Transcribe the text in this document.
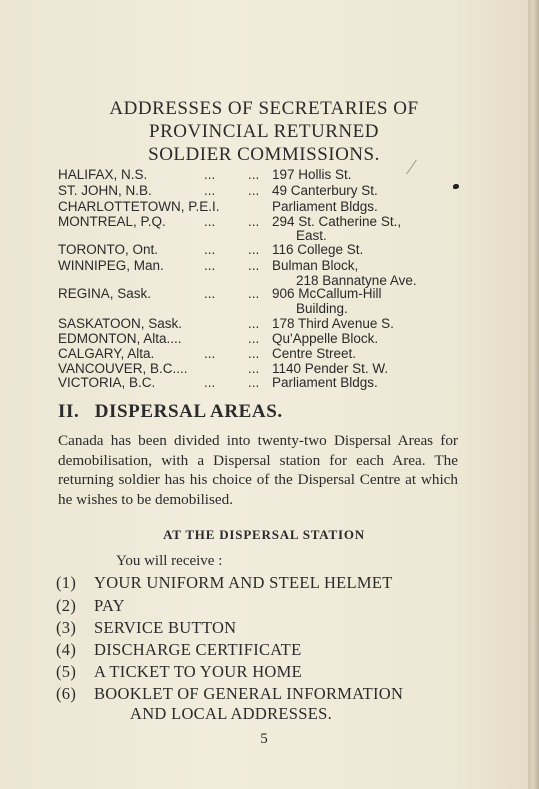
ADDRESSES OF SECRETARIES OF
PROVINCIAL RETURNED
SOLDIER COMMISSIONS.
HALIFAX, N.S.	... ... 197 Hollis St.
ST. JOHN, N.B.	... ... 49 Canterbury St.
CHARLOTTETOWN, P.E.I.	Parliament Bldgs.
MONTREAL, P.Q.	... ... 294 St. Catherine St.,
East.
TORONTO, Ont.	... ... 116 College St.
WINNIPEG, Man.	... ... Bulman Block,
218 Bannatyne Ave.
REGINA, Sask.	... ... 906 McCallum-Hill
Building.
SASKATOON, Sask.	... 178 Third Avenue S.
EDMONTON, Alta....	... Qu'Appelle Block.
CALGARY, Alta.	... ... Centre Street.
VANCOUVER, B.C....	... 1140 Pender St. W.
VICTORIA, B.C.	... ... Parliament Bldgs.
II. DISPERSAL AREAS.
Canada has been divided into twenty-two Dispersal Areas for demobilisation, with a Dispersal station for each Area. The returning soldier has his choice of the Dispersal Centre at which he wishes to be demobilised.
AT THE DISPERSAL STATION
You will receive :
(1) YOUR UNIFORM AND STEEL HELMET
(2) PAY
(3) SERVICE BUTTON
(4) DISCHARGE CERTIFICATE
(5) A TICKET TO YOUR HOME
(6) BOOKLET OF GENERAL INFORMATION
AND LOCAL ADDRESSES.
5
